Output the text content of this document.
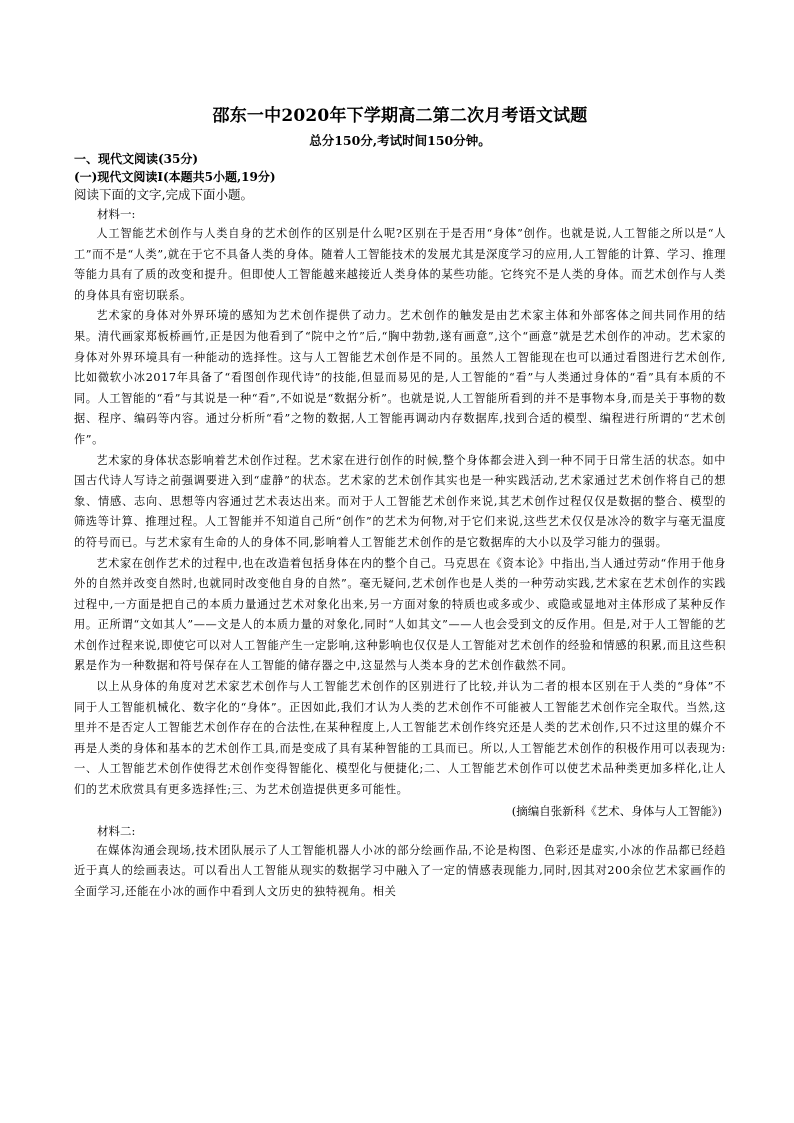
邵东一中2020年下学期高二第二次月考语文试题

总分150分,考试时间150分钟。

一、现代文阅读(35分)

(一)现代文阅读Ⅰ(本题共5小题,19分)

阅读下面的文字,完成下面小题。

材料一:

人工智能艺术创作与人类自身的艺术创作的区别是什么呢?区别在于是否用“身体”创作。也就是说,人工智能之所以是“人工”而不是“人类”,就在于它不具备人类的身体。随着人工智能技术的发展尤其是深度学习的应用,人工智能的计算、学习、推理等能力具有了质的改变和提升。但即使人工智能越来越接近人类身体的某些功能。它终究不是人类的身体。而艺术创作与人类的身体具有密切联系。

艺术家的身体对外界环境的感知为艺术创作提供了动力。艺术创作的触发是由艺术家主体和外部客体之间共同作用的结果。清代画家郑板桥画竹,正是因为他看到了“院中之竹”后,“胸中勃勃,遂有画意”,这个“画意”就是艺术创作的冲动。艺术家的身体对外界环境具有一种能动的选择性。这与人工智能艺术创作是不同的。虽然人工智能现在也可以通过看图进行艺术创作,比如微软小冰2017年具备了“看图创作现代诗”的技能,但显而易见的是,人工智能的“看”与人类通过身体的“看”具有本质的不同。人工智能的“看”与其说是一种“看”,不如说是“数据分析”。也就是说,人工智能所看到的并不是事物本身,而是关于事物的数据、程序、编码等内容。通过分析所“看”之物的数据,人工智能再调动内存数据库,找到合适的模型、编程进行所谓的“艺术创作”。

艺术家的身体状态影响着艺术创作过程。艺术家在进行创作的时候,整个身体都会进入到一种不同于日常生活的状态。如中国古代诗人写诗之前强调要进入到“虚静”的状态。艺术家的艺术创作其实也是一种实践活动,艺术家通过艺术创作将自己的想象、情感、志向、思想等内容通过艺术表达出来。而对于人工智能艺术创作来说,其艺术创作过程仅仅是数据的整合、模型的筛选等计算、推理过程。人工智能并不知道自己所“创作”的艺术为何物,对于它们来说,这些艺术仅仅是冰冷的数字与毫无温度的符号而已。与艺术家有生命的人的身体不同,影响着人工智能艺术创作的是它数据库的大小以及学习能力的强弱。

艺术家在创作艺术的过程中,也在改造着包括身体在内的整个自己。马克思在《资本论》中指出,当人通过劳动“作用于他身外的自然并改变自然时,也就同时改变他自身的自然”。毫无疑问,艺术创作也是人类的一种劳动实践,艺术家在艺术创作的实践过程中,一方面是把自己的本质力量通过艺术对象化出来,另一方面对象的特质也或多或少、或隐或显地对主体形成了某种反作用。正所谓“文如其人”——文是人的本质力量的对象化,同时“人如其文”——人也会受到文的反作用。但是,对于人工智能的艺术创作过程来说,即使它可以对人工智能产生一定影响,这种影响也仅仅是人工智能对艺术创作的经验和情感的积累,而且这些积累是作为一种数据和符号保存在人工智能的储存器之中,这显然与人类本身的艺术创作截然不同。

以上从身体的角度对艺术家艺术创作与人工智能艺术创作的区别进行了比较,并认为二者的根本区别在于人类的“身体”不同于人工智能机械化、数字化的“身体”。正因如此,我们才认为人类的艺术创作不可能被人工智能艺术创作完全取代。当然,这里并不是否定人工智能艺术创作存在的合法性,在某种程度上,人工智能艺术创作终究还是人类的艺术创作,只不过这里的媒介不再是人类的身体和基本的艺术创作工具,而是变成了具有某种智能的工具而已。所以,人工智能艺术创作的积极作用可以表现为:一、人工智能艺术创作使得艺术创作变得智能化、模型化与便捷化;二、人工智能艺术创作可以使艺术品种类更加多样化,让人们的艺术欣赏具有更多选择性;三、为艺术创造提供更多可能性。

(摘编自张新科《艺术、身体与人工智能》)

材料二:

在媒体沟通会现场,技术团队展示了人工智能机器人小冰的部分绘画作品,不论是构图、色彩还是虚实,小冰的作品都已经趋近于真人的绘画表达。可以看出人工智能从现实的数据学习中融入了一定的情感表现能力,同时,因其对200余位艺术家画作的全面学习,还能在小冰的画作中看到人文历史的独特视角。相关
